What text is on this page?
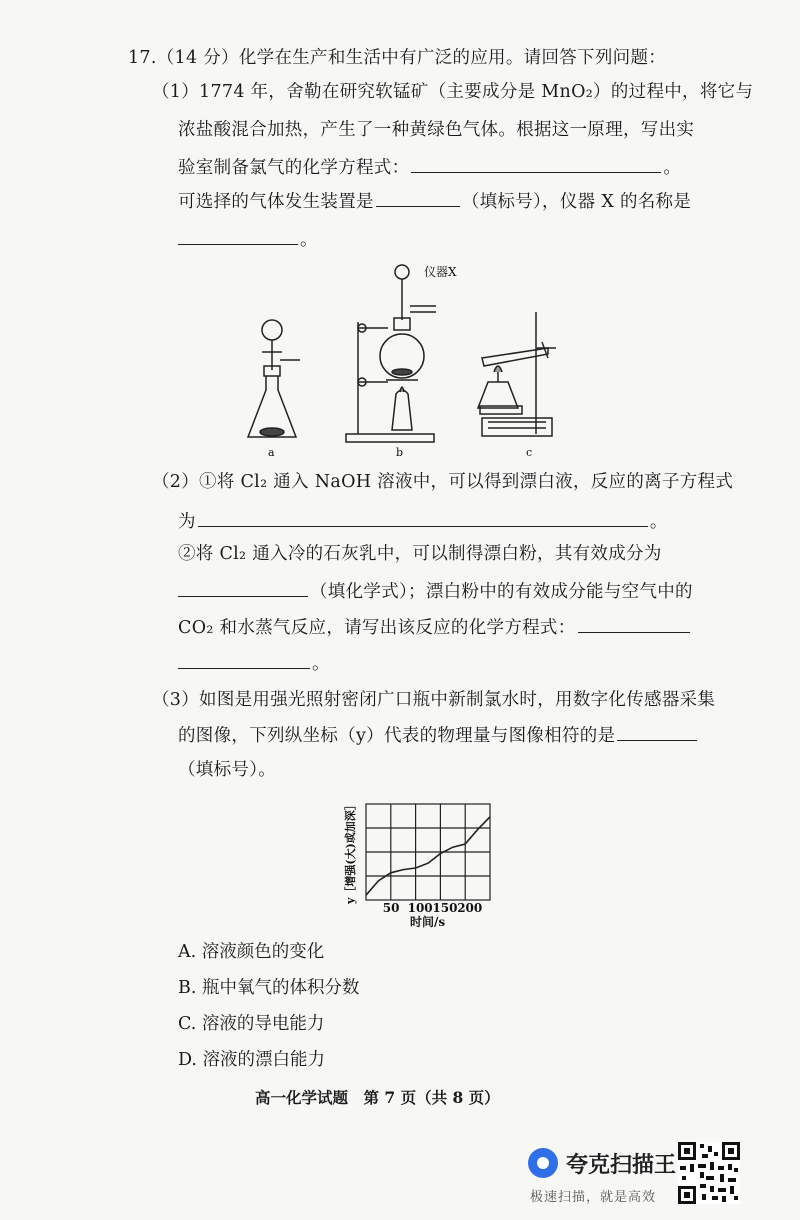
17.（14 分）化学在生产和生活中有广泛的应用。请回答下列问题：
（1）1774 年，舍勒在研究软锰矿（主要成分是 MnO₂）的过程中，将它与
浓盐酸混合加热，产生了一种黄绿色气体。根据这一原理，写出实
验室制备氯气的化学方程式：	。
可选择的气体发生装置是	（填标号），仪器 X 的名称是
。
仪器X
a	b	c
（2）①将 Cl₂ 通入 NaOH 溶液中，可以得到漂白液，反应的离子方程式
为	。
②将 Cl₂ 通入冷的石灰乳中，可以制得漂白粉，其有效成分为
（填化学式）；漂白粉中的有效成分能与空气中的
CO₂ 和水蒸气反应，请写出该反应的化学方程式：
。
（3）如图是用强光照射密闭广口瓶中新制氯水时，用数字化传感器采集
的图像，下列纵坐标（y）代表的物理量与图像相符的是
（填标号）。
y［增强(大)或加深］
50 100 150 200
时间/s
A. 溶液颜色的变化
B. 瓶中氧气的体积分数
C. 溶液的导电能力
D. 溶液的漂白能力
高一化学试题　第 7 页（共 8 页）
夸克扫描王
极速扫描，就是高效
